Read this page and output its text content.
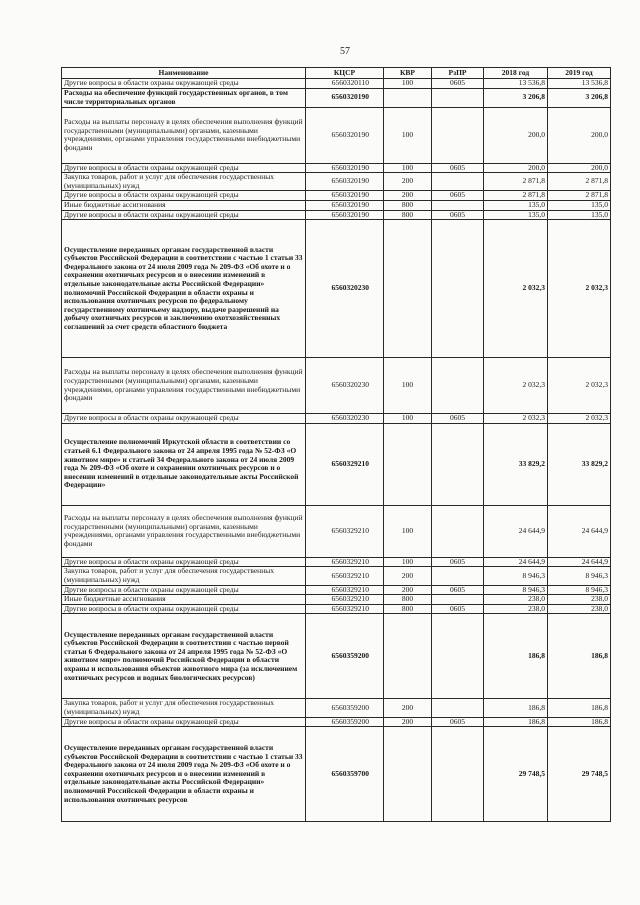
57
Наименование	КЦСР	КВР	РзПР	2018 год	2019 год
Другие вопросы в области охраны окружающей среды	6560320110	100	0605	13 536,8	13 536,8
Расходы на обеспечение функций государственных органов, в том числе территориальных органов	6560320190			3 206,8	3 206,8
Расходы на выплаты персоналу в целях обеспечения выполнения функций государственными (муниципальными) органами, казенными учреждениями, органами управления государственными внебюджетными фондами	6560320190	100		200,0	200,0
Другие вопросы в области охраны окружающей среды	6560320190	100	0605	200,0	200,0
Закупка товаров, работ и услуг для обеспечения государственных (муниципальных) нужд	6560320190	200		2 871,8	2 871,8
Другие вопросы в области охраны окружающей среды	6560320190	200	0605	2 871,8	2 871,8
Иные бюджетные ассигнования	6560320190	800		135,0	135,0
Другие вопросы в области охраны окружающей среды	6560320190	800	0605	135,0	135,0
Осуществление переданных органам государственной власти субъектов Российской Федерации в соответствии с частью 1 статьи 33 Федерального закона от 24 июля 2009 года № 209-ФЗ «Об охоте и о сохранении охотничьих ресурсов и о внесении изменений в отдельные законодательные акты Российской Федерации» полномочий Российской Федерации в области охраны и использования охотничьих ресурсов по федеральному государственному охотничьему надзору, выдаче разрешений на добычу охотничьих ресурсов и заключению охотхозяйственных соглашений за счет средств областного бюджета	6560320230			2 032,3	2 032,3
Расходы на выплаты персоналу в целях обеспечения выполнения функций государственными (муниципальными) органами, казенными учреждениями, органами управления государственными внебюджетными фондами	6560320230	100		2 032,3	2 032,3
Другие вопросы в области охраны окружающей среды	6560320230	100	0605	2 032,3	2 032,3
Осуществление полномочий Иркутской области в соответствии со статьей 6.1 Федерального закона от 24 апреля 1995 года № 52-ФЗ «О животном мире» и статьей 34 Федерального закона от 24 июля 2009 года № 209-ФЗ «Об охоте и сохранении охотничьих ресурсов и о внесении изменений в отдельные законодательные акты Российской Федерации»	6560329210			33 829,2	33 829,2
Расходы на выплаты персоналу в целях обеспечения выполнения функций государственными (муниципальными) органами, казенными учреждениями, органами управления государственными внебюджетными фондами	6560329210	100		24 644,9	24 644,9
Другие вопросы в области охраны окружающей среды	6560329210	100	0605	24 644,9	24 644,9
Закупка товаров, работ и услуг для обеспечения государственных (муниципальных) нужд	6560329210	200		8 946,3	8 946,3
Другие вопросы в области охраны окружающей среды	6560329210	200	0605	8 946,3	8 946,3
Иные бюджетные ассигнования	6560329210	800		238,0	238,0
Другие вопросы в области охраны окружающей среды	6560329210	800	0605	238,0	238,0
Осуществление переданных органам государственной власти субъектов Российской Федерации в соответствии с частью первой статьи 6 Федерального закона от 24 апреля 1995 года № 52-ФЗ «О животном мире» полномочий Российской Федерации в области охраны и использования объектов животного мира (за исключением охотничьих ресурсов и водных биологических ресурсов)	6560359200			186,8	186,8
Закупка товаров, работ и услуг для обеспечения государственных (муниципальных) нужд	6560359200	200		186,8	186,8
Другие вопросы в области охраны окружающей среды	6560359200	200	0605	186,8	186,8
Осуществление переданных органам государственной власти субъектов Российской Федерации в соответствии с частью 1 статьи 33 Федерального закона от 24 июля 2009 года № 209-ФЗ «Об охоте и о сохранении охотничьих ресурсов и о внесении изменений в отдельные законодательные акты Российской Федерации» полномочий Российской Федерации в области охраны и использования охотничьих ресурсов	6560359700			29 748,5	29 748,5
